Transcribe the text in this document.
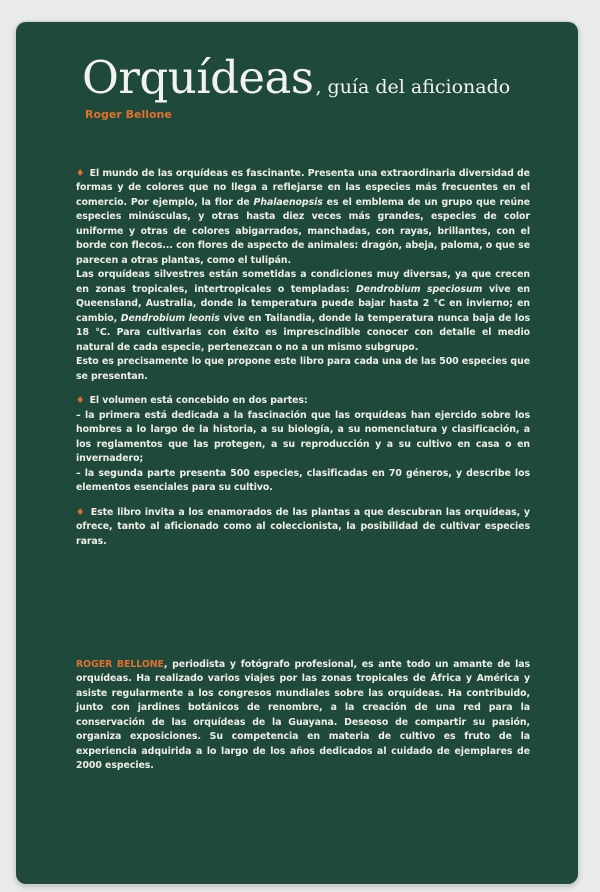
Orquídeas , guía del aficionado
Roger Bellone

♦ El mundo de las orquídeas es fascinante. Presenta una extraordinaria diversidad de formas y de colores que no llega a reflejarse en las especies más frecuentes en el comercio. Por ejemplo, la flor de Phalaenopsis es el emblema de un grupo que reúne especies minúsculas, y otras hasta diez veces más grandes, especies de color uniforme y otras de colores abigarrados, manchadas, con rayas, brillantes, con el borde con flecos... con flores de aspecto de animales: dragón, abeja, paloma, o que se parecen a otras plantas, como el tulipán.

Las orquídeas silvestres están sometidas a condiciones muy diversas, ya que crecen en zonas tropicales, intertropicales o templadas: Dendrobium speciosum vive en Queensland, Australia, donde la temperatura puede bajar hasta 2 °C en invierno; en cambio, Dendrobium leonis vive en Tailandia, donde la temperatura nunca baja de los 18 °C. Para cultivarlas con éxito es imprescindible conocer con detalle el medio natural de cada especie, pertenezcan o no a un mismo subgrupo.

Esto es precisamente lo que propone este libro para cada una de las 500 especies que se presentan.

♦ El volumen está concebido en dos partes:

– la primera está dedicada a la fascinación que las orquídeas han ejercido sobre los hombres a lo largo de la historia, a su biología, a su nomenclatura y clasificación, a los reglamentos que las protegen, a su reproducción y a su cultivo en casa o en invernadero;

– la segunda parte presenta 500 especies, clasificadas en 70 géneros, y describe los elementos esenciales para su cultivo.

♦ Este libro invita a los enamorados de las plantas a que descubran las orquídeas, y ofrece, tanto al aficionado como al coleccionista, la posibilidad de cultivar especies raras.

ROGER BELLONE, periodista y fotógrafo profesional, es ante todo un amante de las orquídeas. Ha realizado varios viajes por las zonas tropicales de África y América y asiste regularmente a los congresos mundiales sobre las orquídeas. Ha contribuido, junto con jardines botánicos de renombre, a la creación de una red para la conservación de las orquídeas de la Guayana. Deseoso de compartir su pasión, organiza exposiciones. Su competencia en materia de cultivo es fruto de la experiencia adquirida a lo largo de los años dedicados al cuidado de ejemplares de 2000 especies.
